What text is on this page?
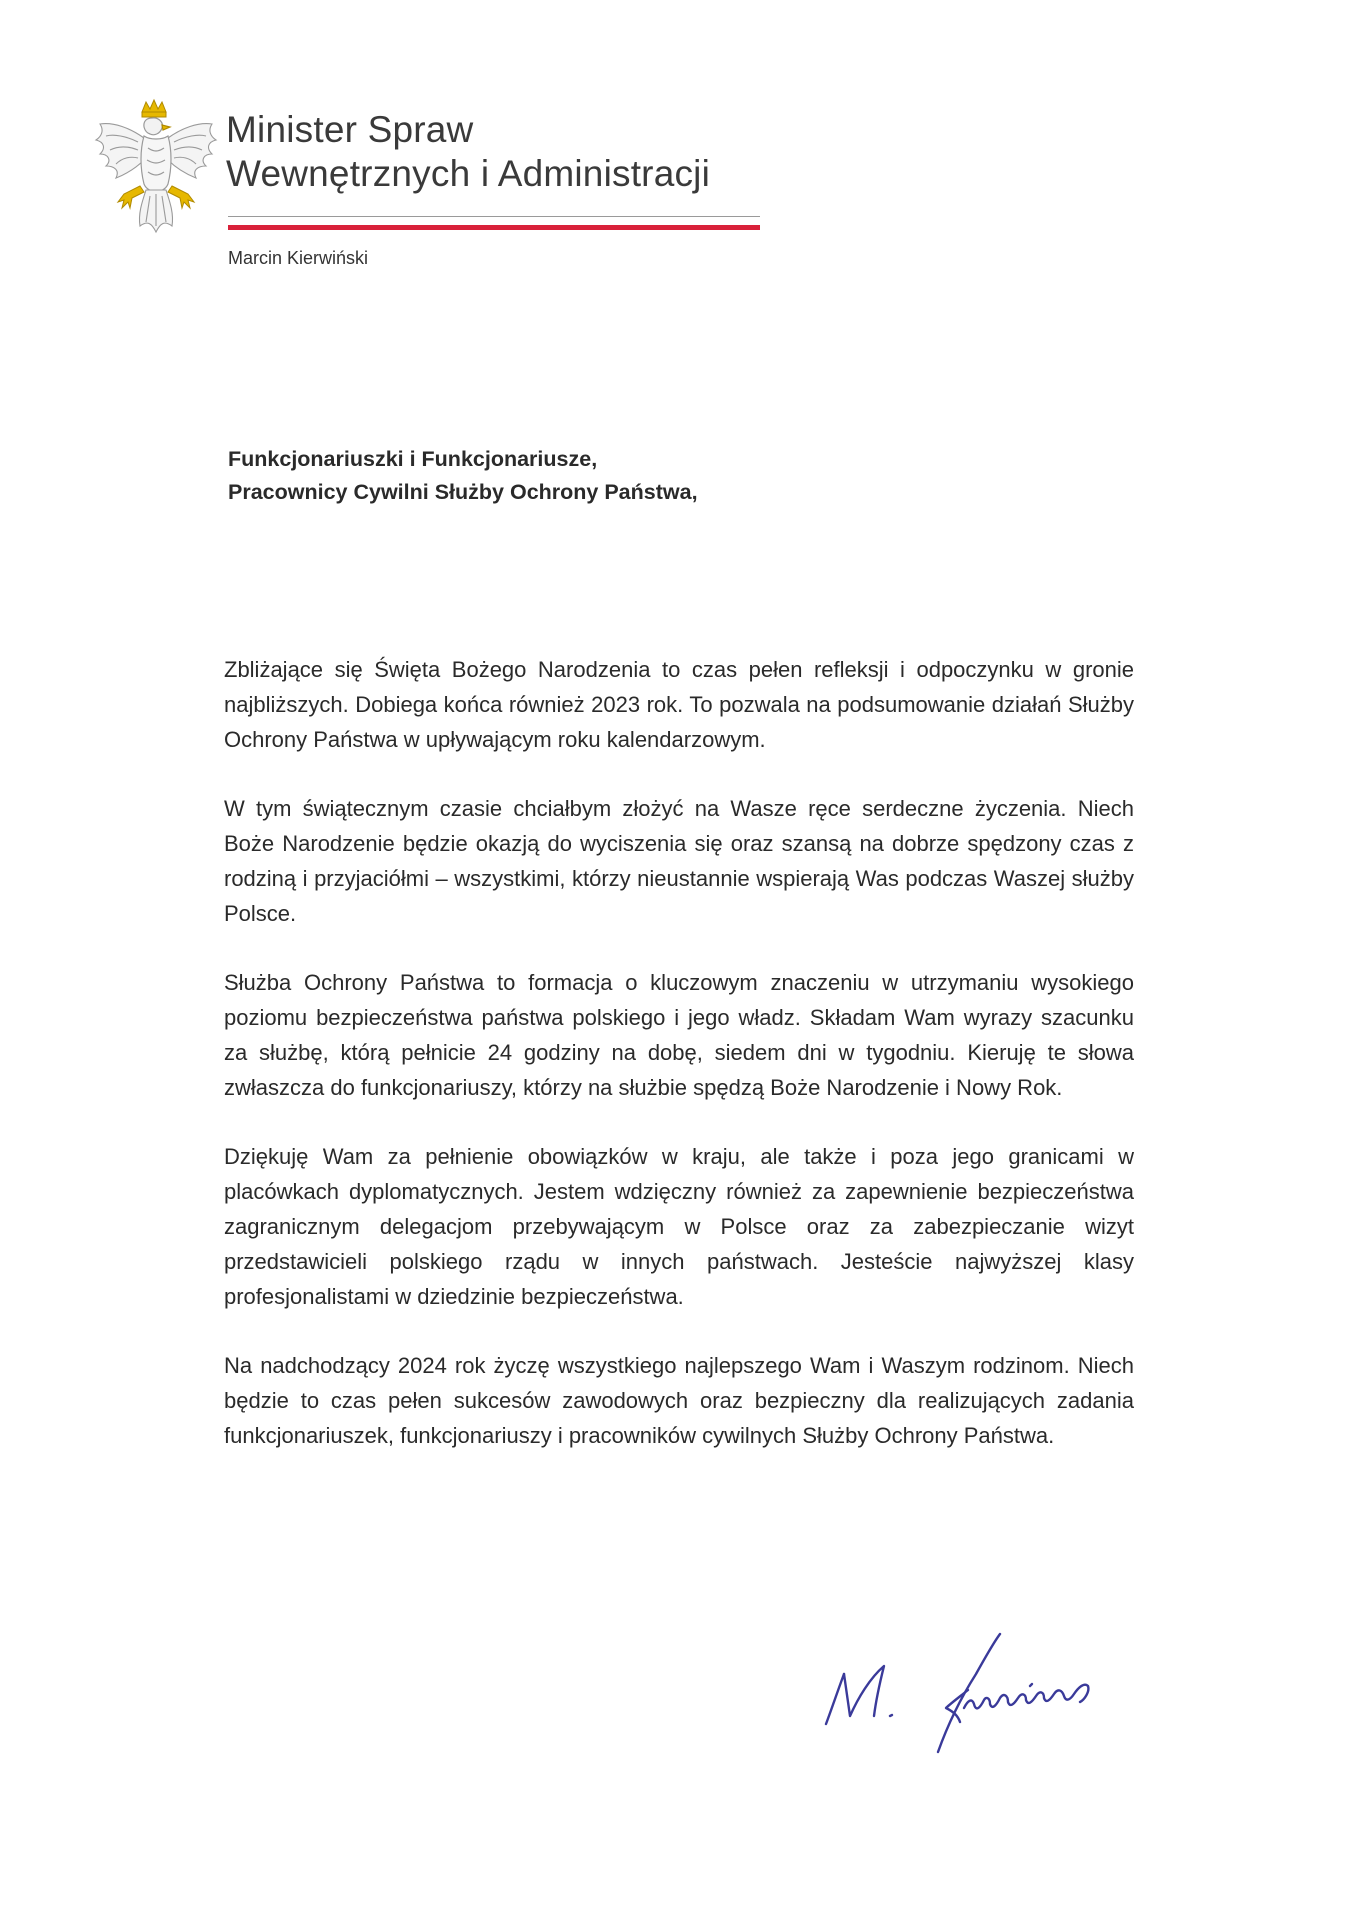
Minister Spraw
Wewnętrznych i Administracji
Marcin Kierwiński
Funkcjonariuszki i Funkcjonariusze,
Pracownicy Cywilni Służby Ochrony Państwa,

Zbliżające się Święta Bożego Narodzenia to czas pełen refleksji i odpoczynku w gronie najbliższych. Dobiega końca również 2023 rok. To pozwala na podsumowanie działań Służby Ochrony Państwa w upływającym roku kalendarzowym.

W tym świątecznym czasie chciałbym złożyć na Wasze ręce serdeczne życzenia. Niech Boże Narodzenie będzie okazją do wyciszenia się oraz szansą na dobrze spędzony czas z rodziną i przyjaciółmi – wszystkimi, którzy nieustannie wspierają Was podczas Waszej służby Polsce.

Służba Ochrony Państwa to formacja o kluczowym znaczeniu w utrzymaniu wysokiego poziomu bezpieczeństwa państwa polskiego i jego władz. Składam Wam wyrazy szacunku za służbę, którą pełnicie 24 godziny na dobę, siedem dni w tygodniu. Kieruję te słowa zwłaszcza do funkcjonariuszy, którzy na służbie spędzą Boże Narodzenie i Nowy Rok.

Dziękuję Wam za pełnienie obowiązków w kraju, ale także i poza jego granicami w placówkach dyplomatycznych. Jestem wdzięczny również za zapewnienie bezpieczeństwa zagranicznym delegacjom przebywającym w Polsce oraz za zabezpieczanie wizyt przedstawicieli polskiego rządu w innych państwach. Jesteście najwyższej klasy profesjonalistami w dziedzinie bezpieczeństwa.

Na nadchodzący 2024 rok życzę wszystkiego najlepszego Wam i Waszym rodzinom. Niech będzie to czas pełen sukcesów zawodowych oraz bezpieczny dla realizujących zadania funkcjonariuszek, funkcjonariuszy i pracowników cywilnych Służby Ochrony Państwa.
